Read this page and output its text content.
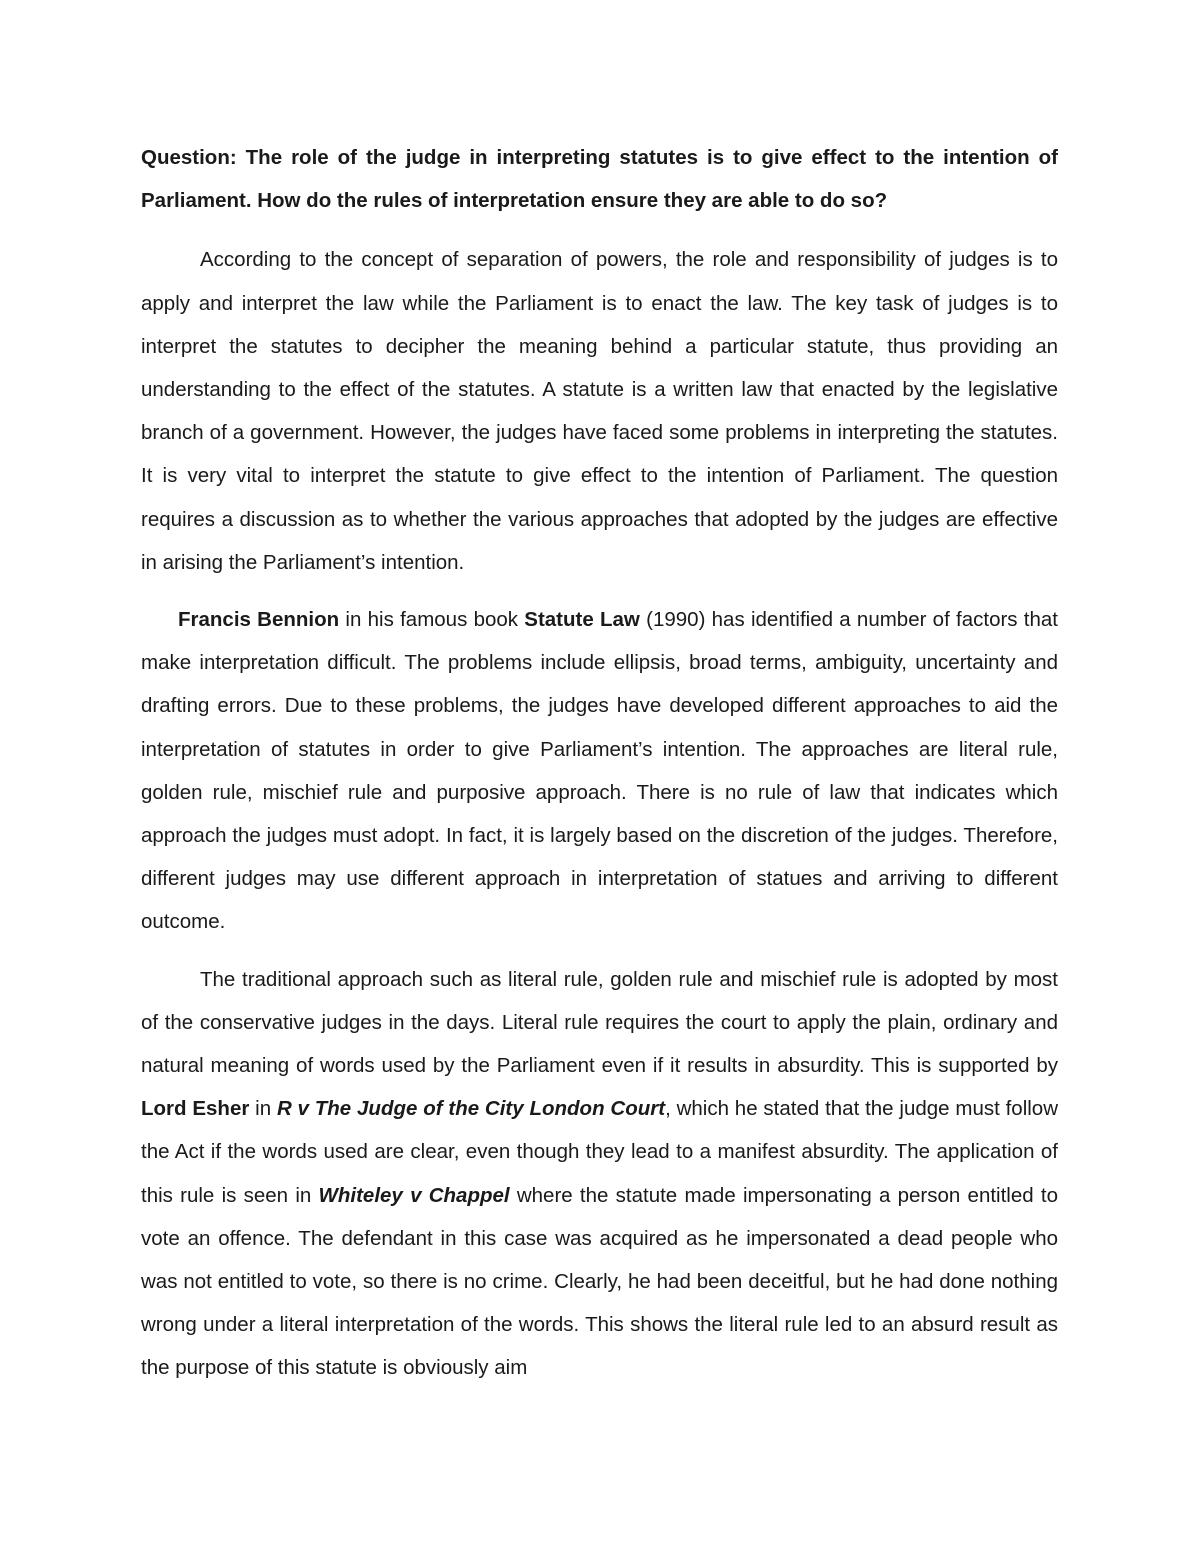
Question: The role of the judge in interpreting statutes is to give effect to the intention of Parliament. How do the rules of interpretation ensure they are able to do so?

According to the concept of separation of powers, the role and responsibility of judges is to apply and interpret the law while the Parliament is to enact the law. The key task of judges is to interpret the statutes to decipher the meaning behind a particular statute, thus providing an understanding to the effect of the statutes. A statute is a written law that enacted by the legislative branch of a government. However, the judges have faced some problems in interpreting the statutes. It is very vital to interpret the statute to give effect to the intention of Parliament. The question requires a discussion as to whether the various approaches that adopted by the judges are effective in arising the Parliament’s intention.

Francis Bennion in his famous book Statute Law (1990) has identified a number of factors that make interpretation difficult. The problems include ellipsis, broad terms, ambiguity, uncertainty and drafting errors. Due to these problems, the judges have developed different approaches to aid the interpretation of statutes in order to give Parliament’s intention. The approaches are literal rule, golden rule, mischief rule and purposive approach. There is no rule of law that indicates which approach the judges must adopt. In fact, it is largely based on the discretion of the judges. Therefore, different judges may use different approach in interpretation of statues and arriving to different outcome.

The traditional approach such as literal rule, golden rule and mischief rule is adopted by most of the conservative judges in the days. Literal rule requires the court to apply the plain, ordinary and natural meaning of words used by the Parliament even if it results in absurdity. This is supported by Lord Esher in R v The Judge of the City London Court, which he stated that the judge must follow the Act if the words used are clear, even though they lead to a manifest absurdity. The application of this rule is seen in Whiteley v Chappel where the statute made impersonating a person entitled to vote an offence. The defendant in this case was acquired as he impersonated a dead people who was not entitled to vote, so there is no crime. Clearly, he had been deceitful, but he had done nothing wrong under a literal interpretation of the words. This shows the literal rule led to an absurd result as the purpose of this statute is obviously aim
